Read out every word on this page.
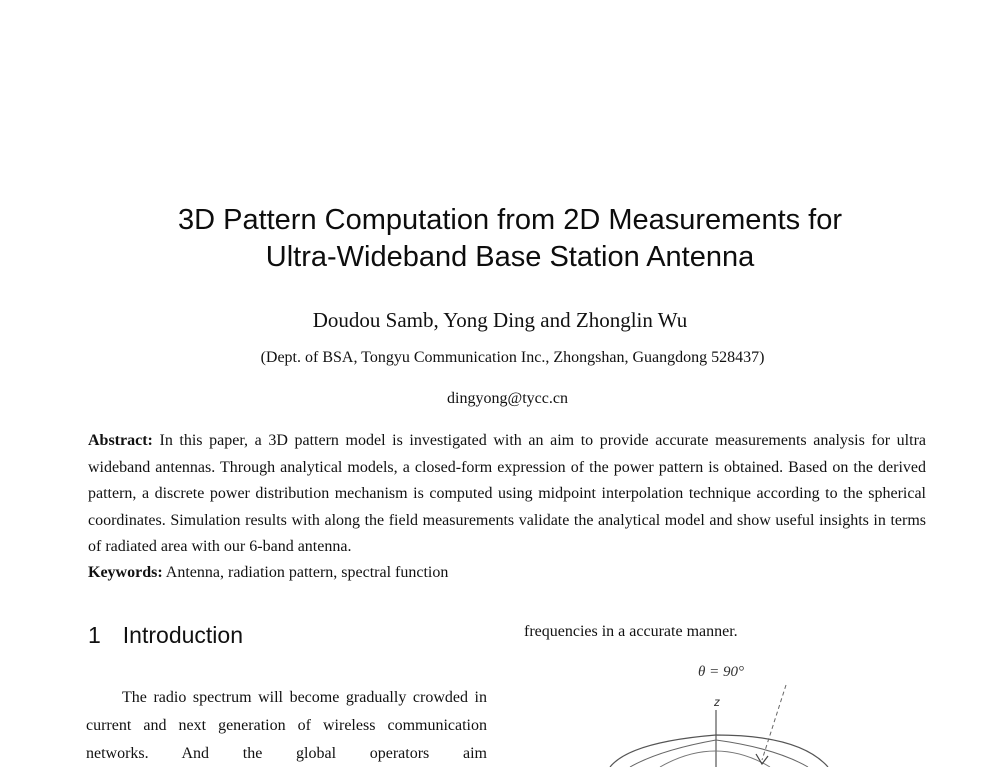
3D Pattern Computation from 2D Measurements for
Ultra-Wideband Base Station Antenna
Doudou Samb, Yong Ding and Zhonglin Wu
(Dept. of BSA, Tongyu Communication Inc., Zhongshan, Guangdong 528437)
dingyong@tycc.cn
Abstract: In this paper, a 3D pattern model is investigated with an aim to provide accurate measurements analysis for ultra wideband antennas. Through analytical models, a closed-form expression of the power pattern is obtained. Based on the derived pattern, a discrete power distribution mechanism is computed using midpoint interpolation technique according to the spherical coordinates. Simulation results with along the field measurements validate the analytical model and show useful insights in terms of radiated area with our 6-band antenna.
Keywords: Antenna, radiation pattern, spectral function
1 Introduction

The radio spectrum will become gradually crowded in current and next generation of wireless communication networks. And the global operators aim

frequencies in a accurate manner.
θ = 90°
z
